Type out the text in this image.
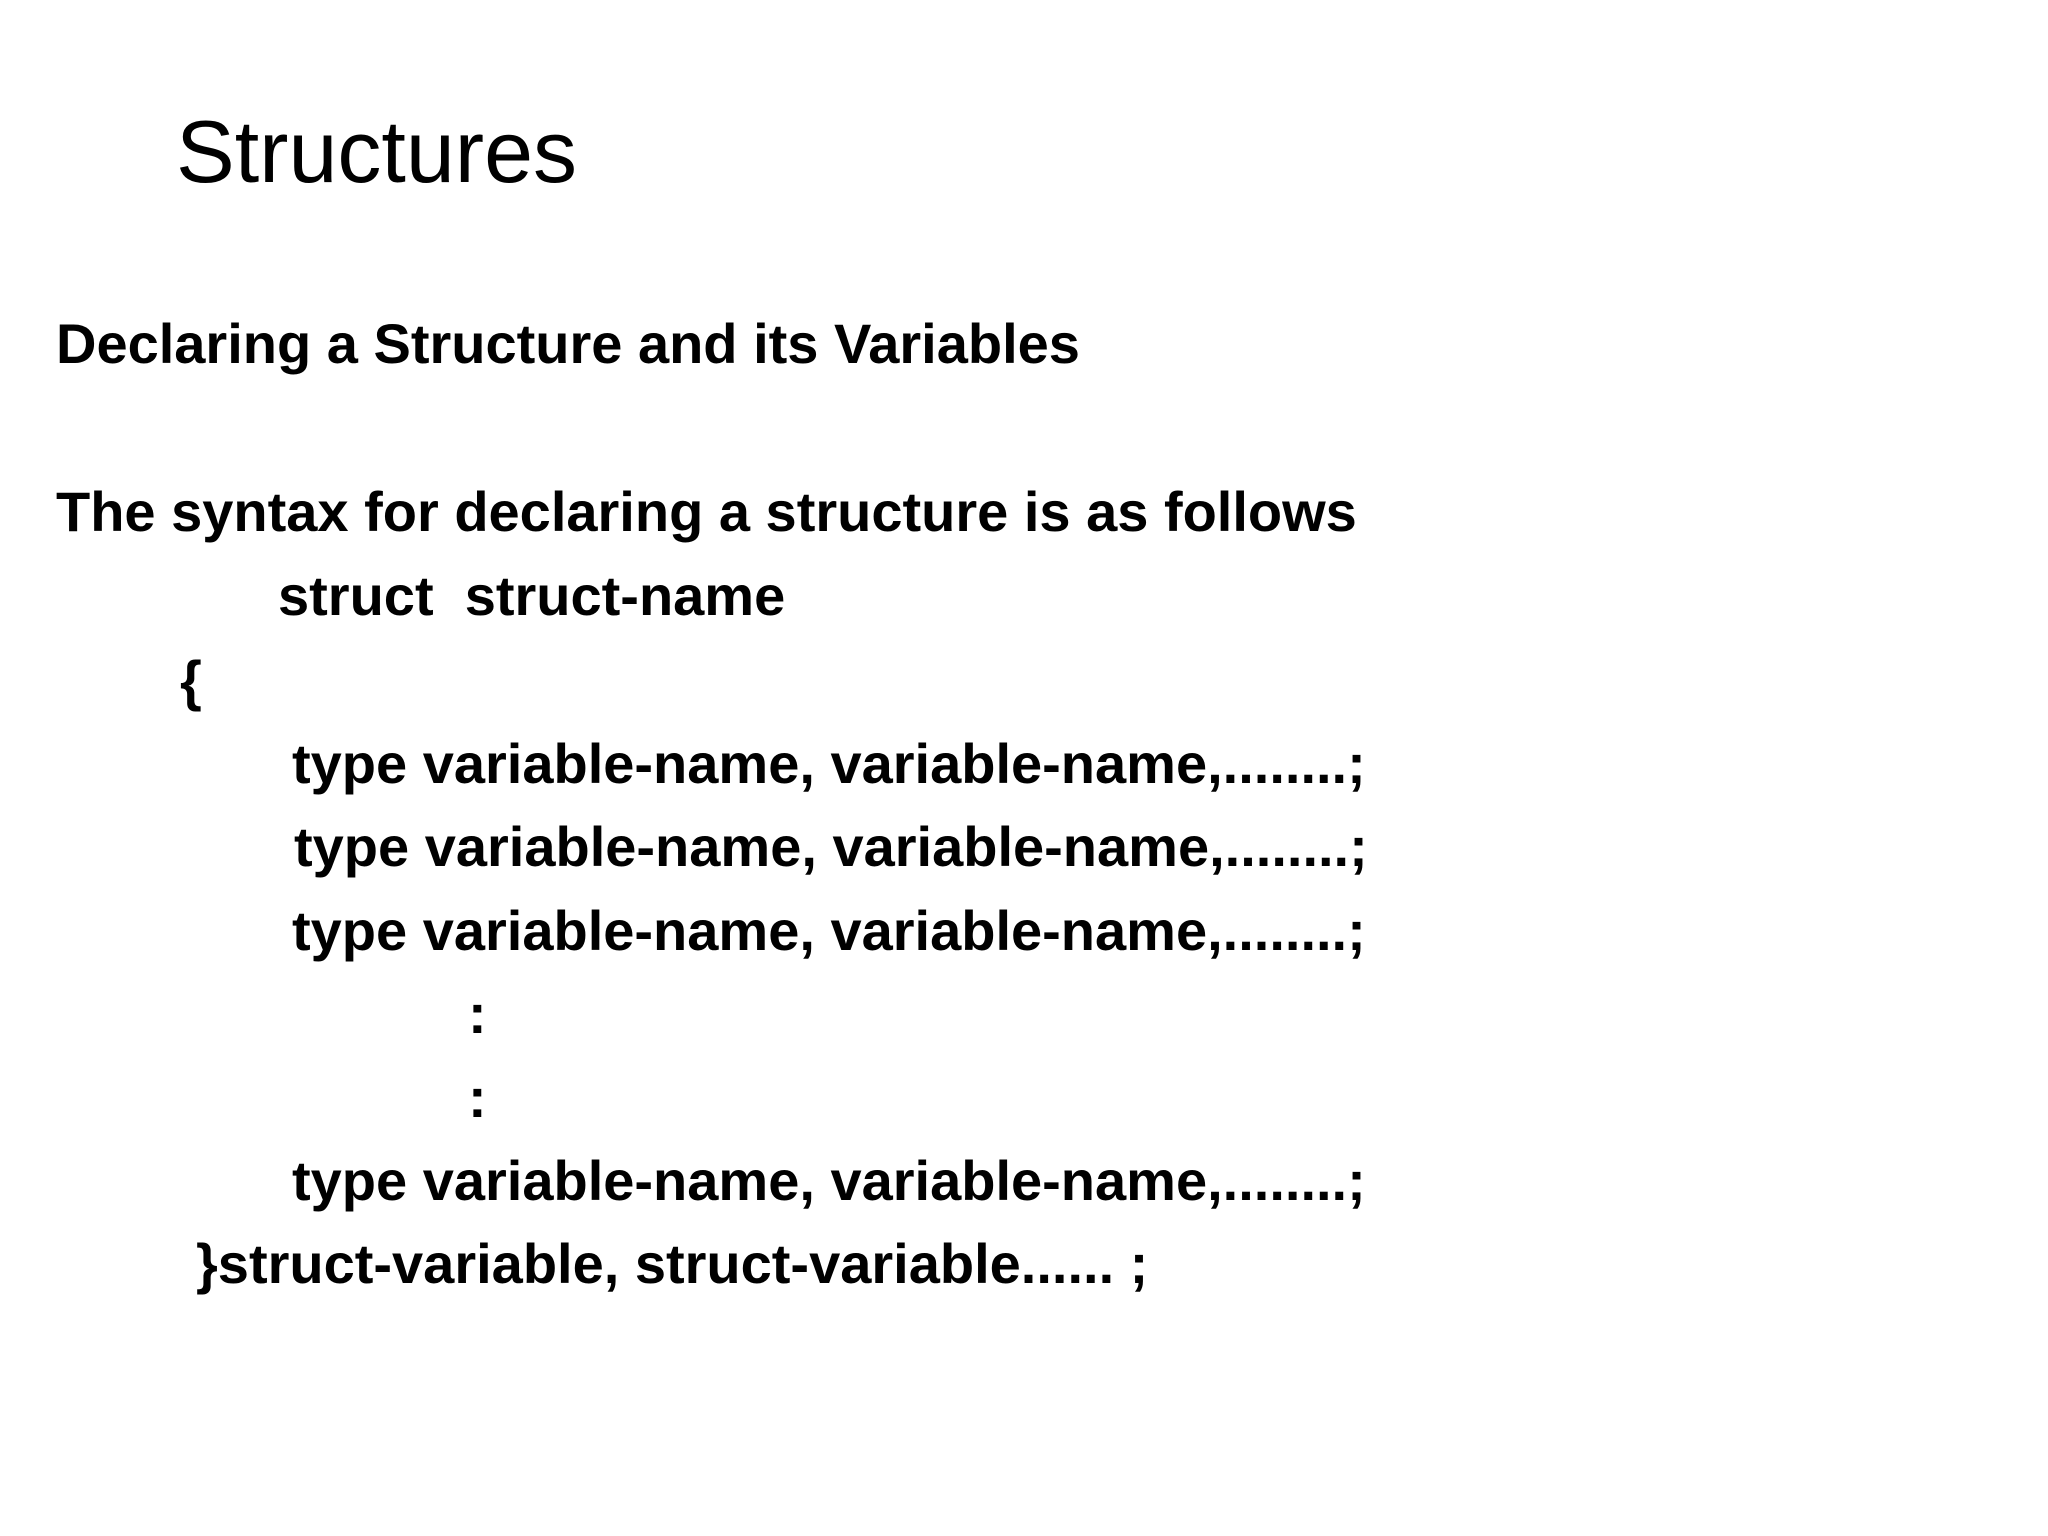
Structures
Declaring a Structure and its Variables
The syntax for declaring a structure is as follows
struct  struct-name
{
type variable-name, variable-name,........;
type variable-name, variable-name,........;
type variable-name, variable-name,........;
:
:
type variable-name, variable-name,........;
}struct-variable, struct-variable...... ;
